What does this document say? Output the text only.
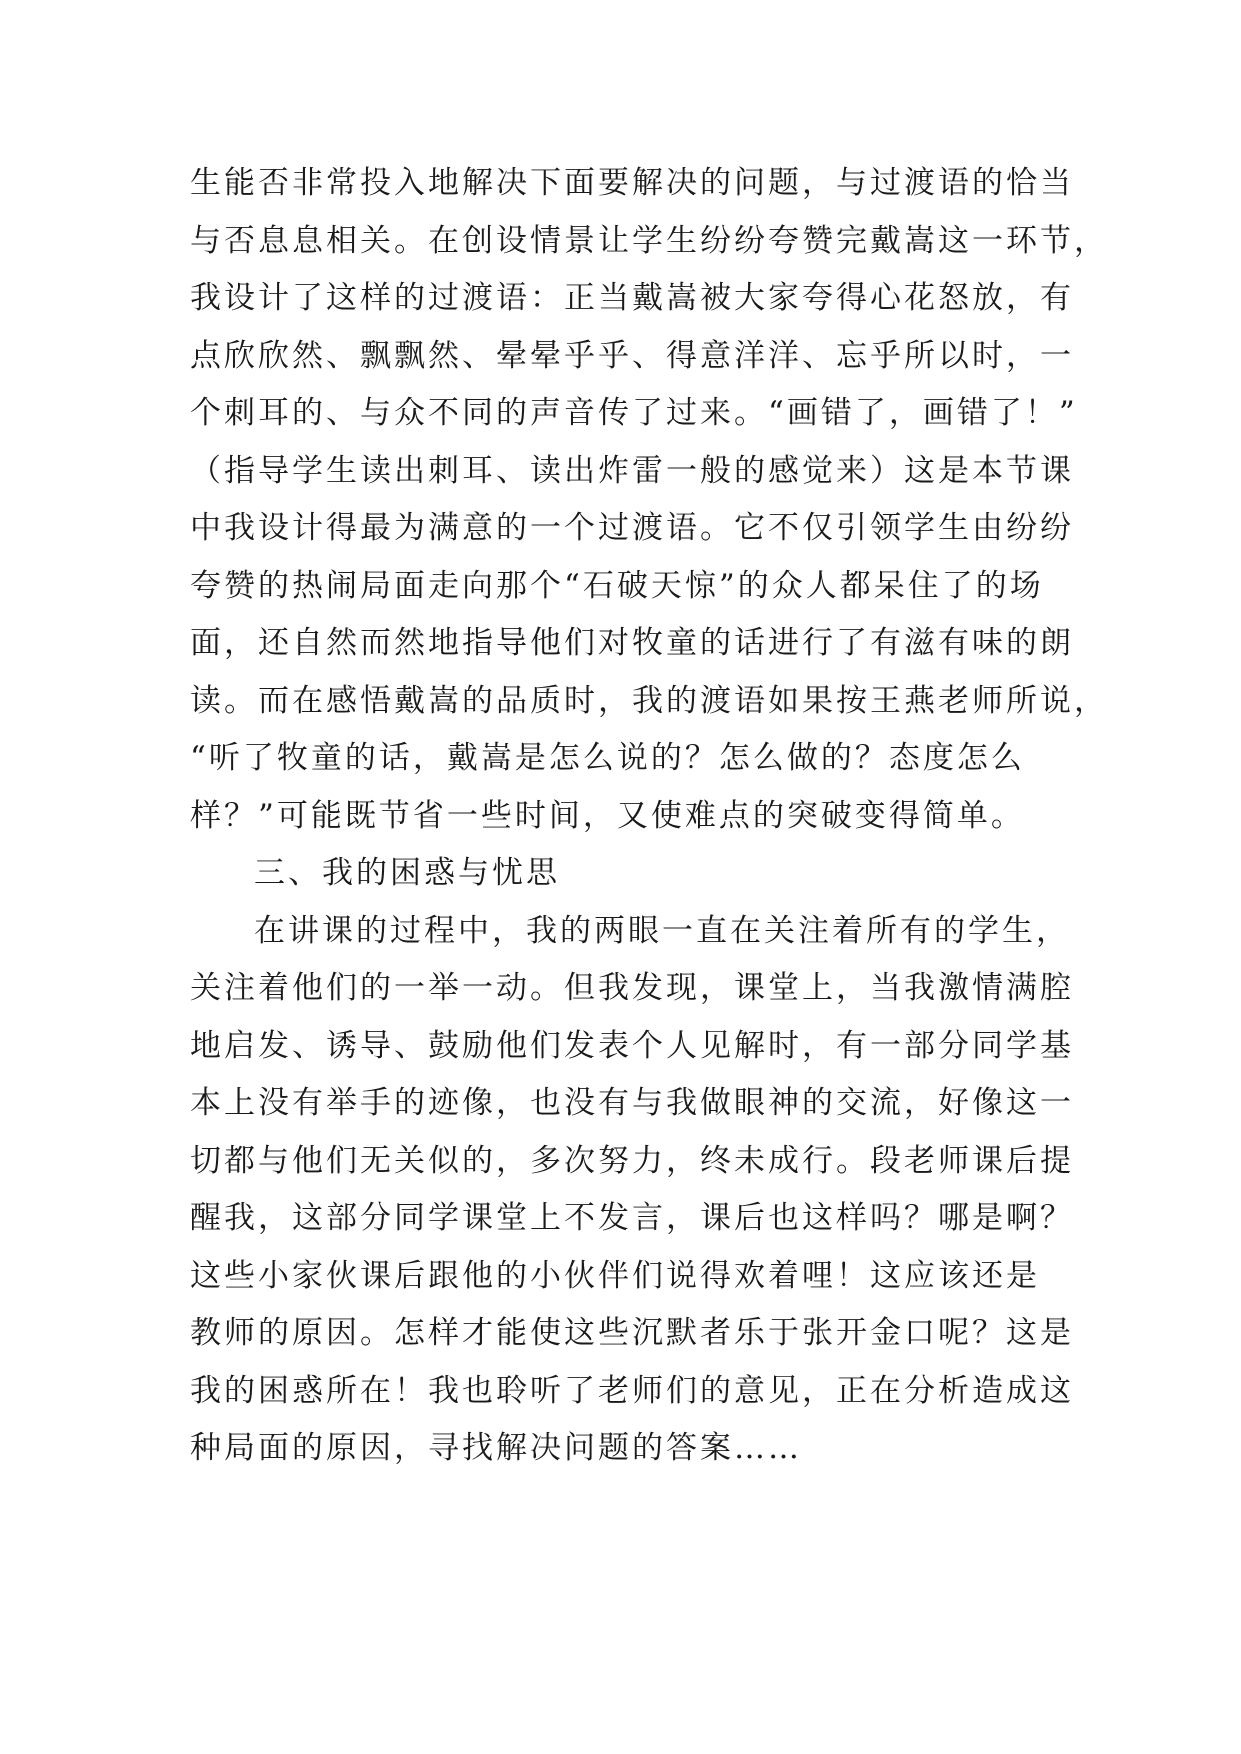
生能否非常投入地解决下面要解决的问题，与过渡语的恰当
与否息息相关。在创设情景让学生纷纷夸赞完戴嵩这一环节，
我设计了这样的过渡语：正当戴嵩被大家夸得心花怒放，有
点欣欣然、飘飘然、晕晕乎乎、得意洋洋、忘乎所以时，一
个刺耳的、与众不同的声音传了过来。“画错了，画错了！”
（指导学生读出刺耳、读出炸雷一般的感觉来）这是本节课
中我设计得最为满意的一个过渡语。它不仅引领学生由纷纷
夸赞的热闹局面走向那个“石破天惊”的众人都呆住了的场
面，还自然而然地指导他们对牧童的话进行了有滋有味的朗
读。而在感悟戴嵩的品质时，我的渡语如果按王燕老师所说，
“听了牧童的话，戴嵩是怎么说的？怎么做的？态度怎么
样？”可能既节省一些时间，又使难点的突破变得简单。
三、我的困惑与忧思
在讲课的过程中，我的两眼一直在关注着所有的学生，
关注着他们的一举一动。但我发现，课堂上，当我激情满腔
地启发、诱导、鼓励他们发表个人见解时，有一部分同学基
本上没有举手的迹像，也没有与我做眼神的交流，好像这一
切都与他们无关似的，多次努力，终未成行。段老师课后提
醒我，这部分同学课堂上不发言，课后也这样吗？哪是啊？
这些小家伙课后跟他的小伙伴们说得欢着哩！这应该还是
教师的原因。怎样才能使这些沉默者乐于张开金口呢？这是
我的困惑所在！我也聆听了老师们的意见，正在分析造成这
种局面的原因，寻找解决问题的答案……
